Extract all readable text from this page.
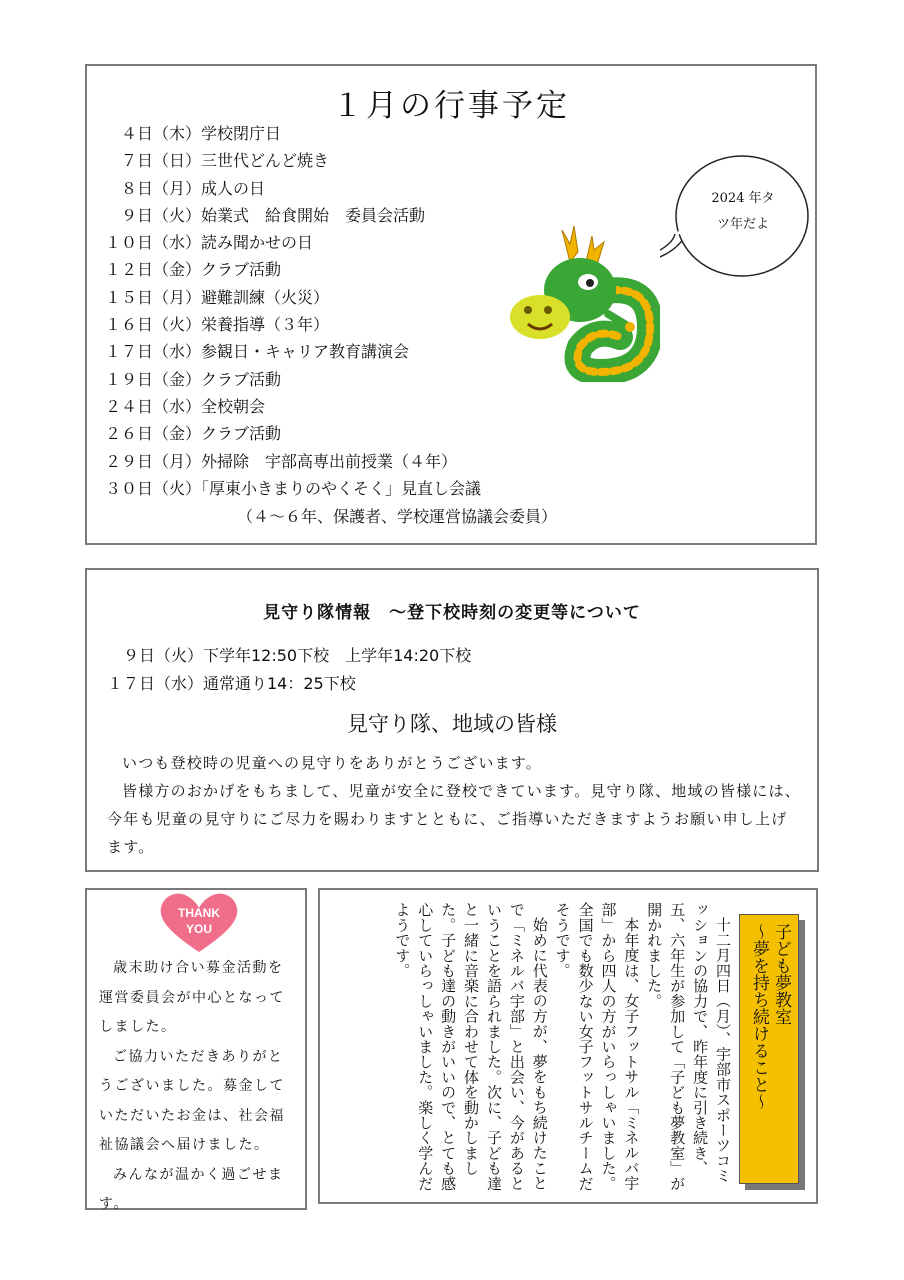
１月の行事予定
　４日（木）学校閉庁日
　７日（日）三世代どんど焼き
　８日（月）成人の日
　９日（火）始業式　給食開始　委員会活動
１０日（水）読み聞かせの日
１２日（金）クラブ活動
１５日（月）避難訓練（火災）
１６日（火）栄養指導（３年）
１７日（水）参観日・キャリア教育講演会
１９日（金）クラブ活動
２４日（水）全校朝会
２６日（金）クラブ活動
２９日（月）外掃除　宇部高専出前授業（４年）
３０日（火）「厚東小きまりのやくそく」見直し会議
（４～６年、保護者、学校運営協議会委員）
2024 年タ
ツ年だよ
見守り隊情報　～登下校時刻の変更等について
　９日（火）下学年12:50下校　上学年14:20下校
１７日（水）通常通り14：25下校
見守り隊、地域の皆様

いつも登校時の児童への見守りをありがとうございます。

皆様方のおかげをもちまして、児童が安全に登校できています。見守り隊、地域の皆様には、今年も児童の見守りにご尽力を賜わりますとともに、ご指導いただきますようお願い申し上げます。

THANK
YOU

歳末助け合い募金活動を運営委員会が中心となってしました。

ご協力いただきありがとうございました。募金していただいたお金は、社会福祉協議会へ届けました。

みんなが温かく過ごせます。

十二月四日（月）、宇部市スポーツコミッションの協力で、昨年度に引き続き、五、六年生が参加して「子ども夢教室」が開かれました。

本年度は、女子フットサル「ミネルバ宇部」から四人の方がいらっしゃいました。全国でも数少ない女子フットサルチームだそうです。

始めに代表の方が、夢をもち続けたことで「ミネルバ宇部」と出会い、今があるということを語られました。次に、子ども達と一緒に音楽に合わせて体を動かしました。子ども達の動きがいいので、とても感心していらっしゃいました。楽しく学んだようです。	子ども夢教室
～夢を持ち続けること～
